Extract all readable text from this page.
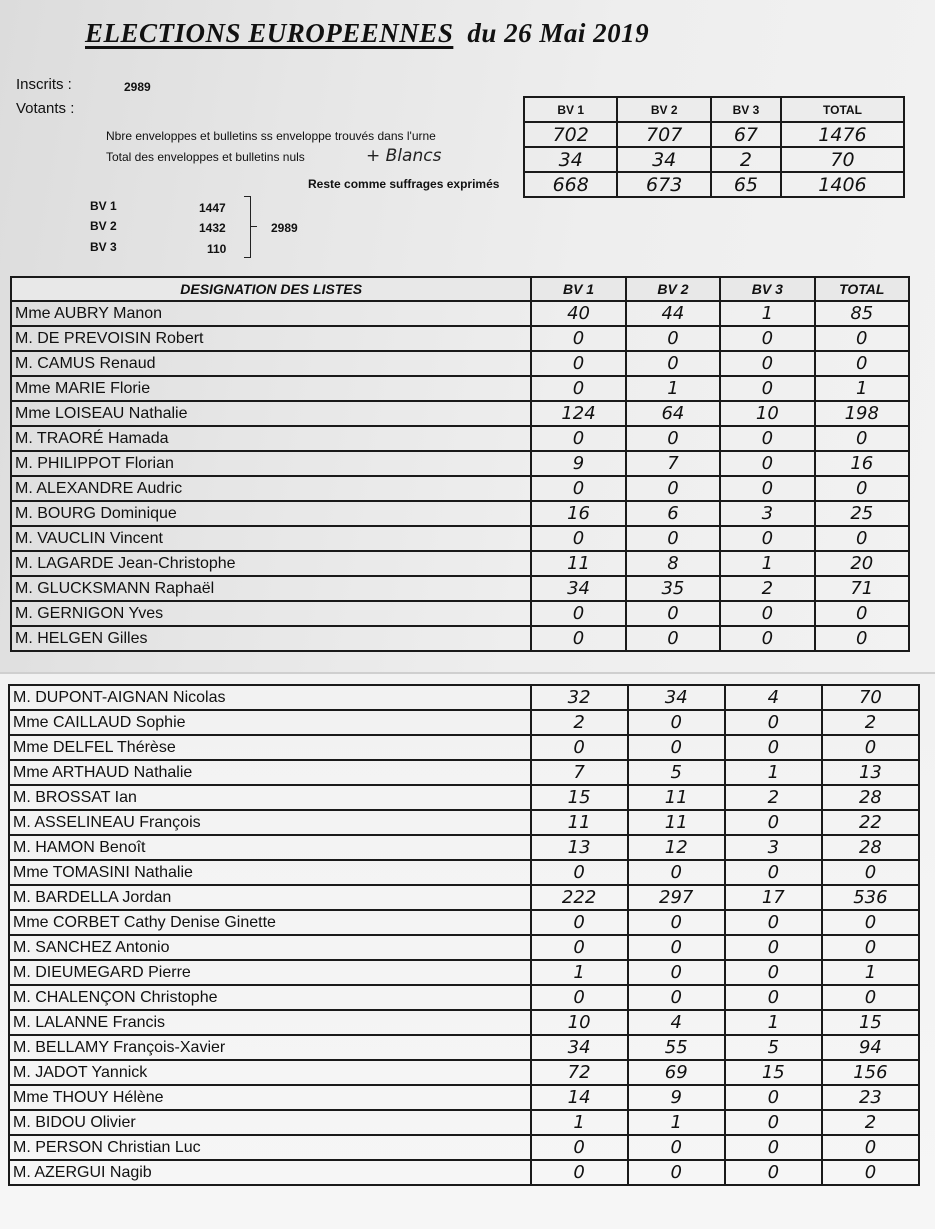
ELECTIONS EUROPEENNES du 26 Mai 2019
Inscrits :	2989
Votants :
Nbre enveloppes et bulletins ss enveloppe trouvés dans l'urne
Total des enveloppes et bulletins nuls	+ Blancs
Reste comme suffrages exprimés
BV 1	1447
BV 2	1432
BV 3	110
2989
BV 1	BV 2	BV 3	TOTAL
702	707	67	1476
34	34	2	70
668	673	65	1406
DESIGNATION DES LISTES	BV 1	BV 2	BV 3	TOTAL
Mme AUBRY Manon	40	44	1	85
M. DE PREVOISIN Robert	0	0	0	0
M. CAMUS Renaud	0	0	0	0
Mme MARIE Florie	0	1	0	1
Mme LOISEAU Nathalie	124	64	10	198
M. TRAORÉ Hamada	0	0	0	0
M. PHILIPPOT Florian	9	7	0	16
M. ALEXANDRE Audric	0	0	0	0
M. BOURG Dominique	16	6	3	25
M. VAUCLIN Vincent	0	0	0	0
M. LAGARDE Jean-Christophe	11	8	1	20
M. GLUCKSMANN Raphaël	34	35	2	71
M. GERNIGON Yves	0	0	0	0
M. HELGEN Gilles	0	0	0	0
M. DUPONT-AIGNAN Nicolas	32	34	4	70
Mme CAILLAUD Sophie	2	0	0	2
Mme DELFEL Thérèse	0	0	0	0
Mme ARTHAUD Nathalie	7	5	1	13
M. BROSSAT Ian	15	11	2	28
M. ASSELINEAU François	11	11	0	22
M. HAMON Benoît	13	12	3	28
Mme TOMASINI Nathalie	0	0	0	0
M. BARDELLA Jordan	222	297	17	536
Mme CORBET Cathy Denise Ginette	0	0	0	0
M. SANCHEZ Antonio	0	0	0	0
M. DIEUMEGARD Pierre	1	0	0	1
M. CHALENÇON Christophe	0	0	0	0
M. LALANNE Francis	10	4	1	15
M. BELLAMY François-Xavier	34	55	5	94
M. JADOT Yannick	72	69	15	156
Mme THOUY Hélène	14	9	0	23
M. BIDOU Olivier	1	1	0	2
M. PERSON Christian Luc	0	0	0	0
M. AZERGUI Nagib	0	0	0	0
